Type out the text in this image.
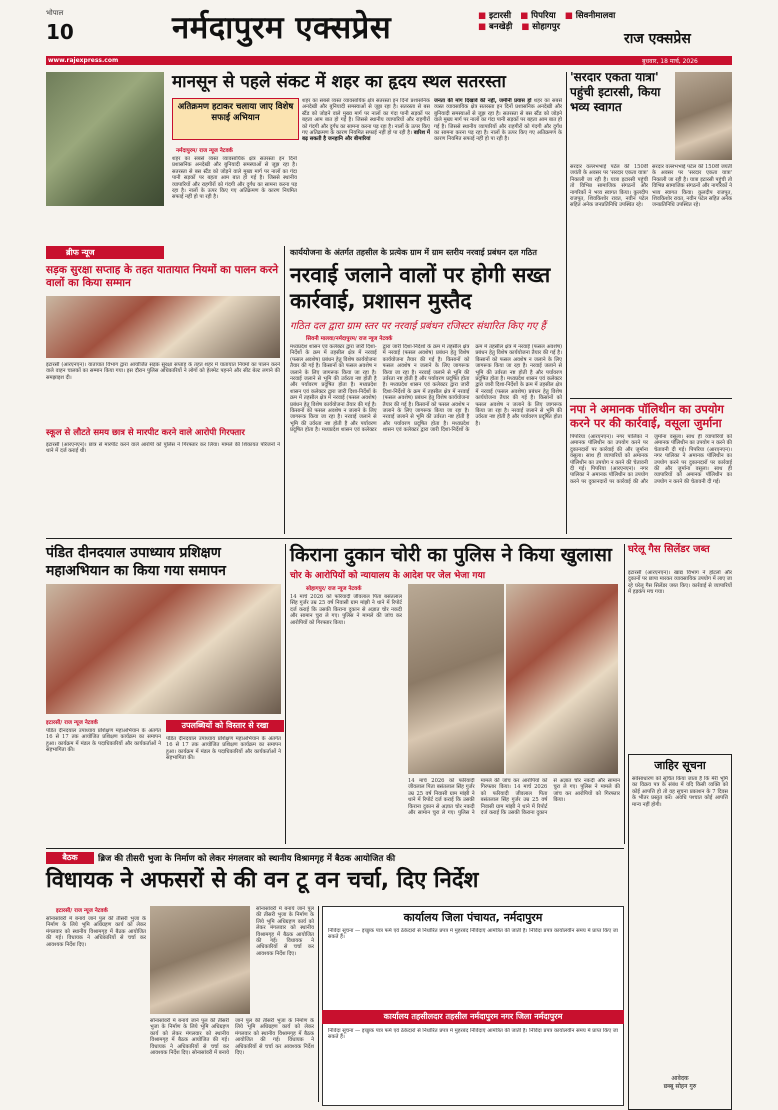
भोपाल
10	नर्मदापुरम एक्सप्रेस	■ इटारसी ■ पिपरिया ■ सिवनीमालवा
■ बनखेड़ी ■ सोहागपुर
राज एक्सप्रेस
www.rajexpress.com	बुधवार, 18 मार्च, 2026
मानसून से पहले संकट में शहर का हृदय स्थल सतरस्ता
अतिक्रमण हटाकर चलाया जाए विशेष सफाई अभियान
नर्मदापुरम/ राज न्यूज नेटवर्क
शहर का सबसे व्यस्त व्यावसायिक क्षेत्र सतरस्ता इन दिनों प्रशासनिक अनदेखी और बुनियादी समस्याओं से जूझ रहा है। सतरस्ता से बस स्टैंड को जोड़ने वाले मुख्य मार्ग पर नालों का गंदा पानी सड़कों पर बहता आम बात हो गई है। जिससे स्थानीय व्यापारियों और राहगीरों को गंदगी और दुर्गंध का सामना करना पड़ रहा है। नालों के ऊपर किए गए अतिक्रमण के कारण नियमित सफाई नहीं हो पा रही है।
शहर का सबसे व्यस्त व्यावसायिक क्षेत्र सतरस्ता इन दिनों प्रशासनिक अनदेखी और बुनियादी समस्याओं से जूझ रहा है। सतरस्ता से बस स्टैंड को जोड़ने वाले मुख्य मार्ग पर नालों का गंदा पानी सड़कों पर बहता आम बात हो गई है। जिससे स्थानीय व्यापारियों और राहगीरों को गंदगी और दुर्गंध का सामना करना पड़ रहा है। नालों के ऊपर किए गए अतिक्रमण के कारण नियमित सफाई नहीं हो पा रही है। बारिश में बढ़ सकती है जनहानि और बीमारियां
जनता की मांग दिखावे की नहीं, जमीनी प्रयास हो शहर का सबसे व्यस्त व्यावसायिक क्षेत्र सतरस्ता इन दिनों प्रशासनिक अनदेखी और बुनियादी समस्याओं से जूझ रहा है। सतरस्ता से बस स्टैंड को जोड़ने वाले मुख्य मार्ग पर नालों का गंदा पानी सड़कों पर बहता आम बात हो गई है। जिससे स्थानीय व्यापारियों और राहगीरों को गंदगी और दुर्गंध का सामना करना पड़ रहा है। नालों के ऊपर किए गए अतिक्रमण के कारण नियमित सफाई नहीं हो पा रही है।
'सरदार एकता यात्रा' पहुंची इटारसी, किया भव्य स्वागत
सरदार वल्लभभाई पटेल की 150वीं जयंती के अवसर पर 'सरदार एकता यात्रा' निकाली जा रही है। यात्रा इटारसी पहुंची तो विभिन्न सामाजिक संगठनों और नागरिकों ने भव्य स्वागत किया। कुलदीप राजपूत, शिवकिशोर रावत, नवीन पटेल सहित अनेक जनप्रतिनिधि उपस्थित रहे।
सरदार वल्लभभाई पटेल की 150वीं जयंती के अवसर पर 'सरदार एकता यात्रा' निकाली जा रही है। यात्रा इटारसी पहुंची तो विभिन्न सामाजिक संगठनों और नागरिकों ने भव्य स्वागत किया। कुलदीप राजपूत, शिवकिशोर रावत, नवीन पटेल सहित अनेक जनप्रतिनिधि उपस्थित रहे।
ब्रीफ न्यूज
सड़क सुरक्षा सप्ताह के तहत यातायात नियमों का पालन करने वालों का किया सम्मान
इटारसी (आरएनएन)। यातायात विभाग द्वारा आयोजित सड़क सुरक्षा सप्ताह के तहत शहर में यातायात नियमों का पालन करने वाले वाहन चालकों का सम्मान किया गया। इस दौरान पुलिस अधिकारियों ने लोगों को हेलमेट पहनने और सीट बेल्ट लगाने की समझाइश दी।
स्कूल से लौटते समय छात्र से मारपीट करने वाले आरोपी गिरफ्तार
इटारसी (आरएनएन)। छात्र से मारपीट करने वाले आरोपी को पुलिस ने गिरफ्तार कर लिया। मामले की शिकायत परिजनों ने थाने में दर्ज कराई थी।
कार्ययोजना के अंतर्गत तहसील के प्रत्येक ग्राम में ग्राम स्तरीय नरवाई प्रबंधन दल गठित
नरवाई जलाने वालों पर होगी सख्त कार्रवाई, प्रशासन मुस्तैद
गठित दल द्वारा ग्राम स्तर पर नरवाई प्रबंधन रजिस्टर संधारित किए गए हैं
सिवनी मालवा/नर्मदापुरम/ राज न्यूज नेटवर्क
मध्यप्रदेश शासन एवं कलेक्टर द्वारा जारी दिशा-निर्देशों के क्रम में तहसील क्षेत्र में नरवाई (फसल अवशेष) प्रबंधन हेतु विशेष कार्ययोजना तैयार की गई है। किसानों को फसल अवशेष न जलाने के लिए जागरूक किया जा रहा है। नरवाई जलाने से भूमि की उर्वरता नष्ट होती है और पर्यावरण प्रदूषित होता है। मध्यप्रदेश शासन एवं कलेक्टर द्वारा जारी दिशा-निर्देशों के क्रम में तहसील क्षेत्र में नरवाई (फसल अवशेष) प्रबंधन हेतु विशेष कार्ययोजना तैयार की गई है। किसानों को फसल अवशेष न जलाने के लिए जागरूक किया जा रहा है। नरवाई जलाने से भूमि की उर्वरता नष्ट होती है और पर्यावरण प्रदूषित होता है। मध्यप्रदेश शासन एवं कलेक्टर द्वारा जारी दिशा-निर्देशों के क्रम में तहसील क्षेत्र में नरवाई (फसल अवशेष) प्रबंधन हेतु विशेष कार्ययोजना तैयार की गई है। किसानों को फसल अवशेष न जलाने के लिए जागरूक किया जा रहा है। नरवाई जलाने से भूमि की उर्वरता नष्ट होती है और पर्यावरण प्रदूषित होता है। मध्यप्रदेश शासन एवं कलेक्टर द्वारा जारी दिशा-निर्देशों के क्रम में तहसील क्षेत्र में नरवाई (फसल अवशेष) प्रबंधन हेतु विशेष कार्ययोजना तैयार की गई है। किसानों को फसल अवशेष न जलाने के लिए जागरूक किया जा रहा है। नरवाई जलाने से भूमि की उर्वरता नष्ट होती है और पर्यावरण प्रदूषित होता है। मध्यप्रदेश शासन एवं कलेक्टर द्वारा जारी दिशा-निर्देशों के क्रम में तहसील क्षेत्र में नरवाई (फसल अवशेष) प्रबंधन हेतु विशेष कार्ययोजना तैयार की गई है। किसानों को फसल अवशेष न जलाने के लिए जागरूक किया जा रहा है। नरवाई जलाने से भूमि की उर्वरता नष्ट होती है और पर्यावरण प्रदूषित होता है। मध्यप्रदेश शासन एवं कलेक्टर द्वारा जारी दिशा-निर्देशों के क्रम में तहसील क्षेत्र में नरवाई (फसल अवशेष) प्रबंधन हेतु विशेष कार्ययोजना तैयार की गई है। किसानों को फसल अवशेष न जलाने के लिए जागरूक किया जा रहा है। नरवाई जलाने से भूमि की उर्वरता नष्ट होती है और पर्यावरण प्रदूषित होता है।
नपा ने अमानक पॉलिथीन का उपयोग करने पर की कार्रवाई, वसूला जुर्माना
पिपरिया (आरएनएन)। नगर पालिका ने अमानक पॉलिथीन का उपयोग करने पर दुकानदारों पर कार्रवाई की और जुर्माना वसूला। साथ ही व्यापारियों को अमानक पॉलिथीन का उपयोग न करने की चेतावनी दी गई। पिपरिया (आरएनएन)। नगर पालिका ने अमानक पॉलिथीन का उपयोग करने पर दुकानदारों पर कार्रवाई की और जुर्माना वसूला। साथ ही व्यापारियों को अमानक पॉलिथीन का उपयोग न करने की चेतावनी दी गई। पिपरिया (आरएनएन)। नगर पालिका ने अमानक पॉलिथीन का उपयोग करने पर दुकानदारों पर कार्रवाई की और जुर्माना वसूला। साथ ही व्यापारियों को अमानक पॉलिथीन का उपयोग न करने की चेतावनी दी गई।
पंडित दीनदयाल उपाध्याय प्रशिक्षण महाअभियान का किया गया समापन
इटारसी/ राज न्यूज नेटवर्क
पंडित दीनदयाल उपाध्याय प्रशिक्षण महाअभियान के अंतर्गत 16 से 17 तक आयोजित प्रशिक्षण कार्यक्रम का समापन हुआ। कार्यक्रम में मंडल के पदाधिकारियों और कार्यकर्ताओं ने सहभागिता की।
उपलब्धियों को विस्तार से रखा
पंडित दीनदयाल उपाध्याय प्रशिक्षण महाअभियान के अंतर्गत 16 से 17 तक आयोजित प्रशिक्षण कार्यक्रम का समापन हुआ। कार्यक्रम में मंडल के पदाधिकारियों और कार्यकर्ताओं ने सहभागिता की।
किराना दुकान चोरी का पुलिस ने किया खुलासा
चोर के आरोपियों को न्यायालय के आदेश पर जेल भेजा गया
सोहागपुर/ राज न्यूज नेटवर्क
14 मार्च 2026 को फरियादी जीवलाल पिता बसंतलाल सिंह गुर्जर उम्र 25 वर्ष निवासी ग्राम मांझी ने थाने में रिपोर्ट दर्ज कराई कि उसकी किराना दुकान से अज्ञात चोर नकदी और सामान चुरा ले गए। पुलिस ने मामले की जांच कर आरोपियों को गिरफ्तार किया।
14 मार्च 2026 को फरियादी जीवलाल पिता बसंतलाल सिंह गुर्जर उम्र 25 वर्ष निवासी ग्राम मांझी ने थाने में रिपोर्ट दर्ज कराई कि उसकी किराना दुकान से अज्ञात चोर नकदी और सामान चुरा ले गए। पुलिस ने मामले की जांच कर आरोपियों को गिरफ्तार किया। 14 मार्च 2026 को फरियादी जीवलाल पिता बसंतलाल सिंह गुर्जर उम्र 25 वर्ष निवासी ग्राम मांझी ने थाने में रिपोर्ट दर्ज कराई कि उसकी किराना दुकान से अज्ञात चोर नकदी और सामान चुरा ले गए। पुलिस ने मामले की जांच कर आरोपियों को गिरफ्तार किया।
घरेलू गैस सिलेंडर जब्त
इटारसी (आरएनएन)। खाद्य विभाग ने होटलों और दुकानों पर छापा मारकर व्यावसायिक उपयोग में लाए जा रहे घरेलू गैस सिलेंडर जब्त किए। कार्रवाई से व्यापारियों में हड़कंप मच गया।
जाहिर सूचना
सर्वसाधारण को सूचित किया जाता है कि मेरी भूमि का विक्रय पत्र के संबंध में यदि किसी व्यक्ति को कोई आपत्ति हो तो वह सूचना प्रकाशन के 7 दिवस के भीतर प्रस्तुत करें। अवधि पश्चात कोई आपत्ति मान्य नहीं होगी।
आवेदक
छब्बू सोहन गुरु
बैठक	ब्रिज की तीसरी भुजा के निर्माण को लेकर मंगलवार को स्थानीय विश्रामगृह में बैठक आयोजित की
विधायक ने अफसरों से की वन टू वन चर्चा, दिए निर्देश
इटारसी/ राज न्यूज नेटवर्क
सोनासांवरी में बनाये जाने पुल की तीसरी भुजा के निर्माण के लिये भूमि अधिग्रहण कार्य को लेकर मंगलवार को स्थानीय विश्रामगृह में बैठक आयोजित की गई। विधायक ने अधिकारियों से चर्चा कर आवश्यक निर्देश दिए।
सोनासांवरी में बनाये जाने पुल की तीसरी भुजा के निर्माण के लिये भूमि अधिग्रहण कार्य को लेकर मंगलवार को स्थानीय विश्रामगृह में बैठक आयोजित की गई। विधायक ने अधिकारियों से चर्चा कर आवश्यक निर्देश दिए। सोनासांवरी में बनाये जाने पुल की तीसरी भुजा के निर्माण के लिये भूमि अधिग्रहण कार्य को लेकर मंगलवार को स्थानीय विश्रामगृह में बैठक आयोजित की गई। विधायक ने अधिकारियों से चर्चा कर आवश्यक निर्देश दिए।
सोनासांवरी में बनाये जाने पुल की तीसरी भुजा के निर्माण के लिये भूमि अधिग्रहण कार्य को लेकर मंगलवार को स्थानीय विश्रामगृह में बैठक आयोजित की गई। विधायक ने अधिकारियों से चर्चा कर आवश्यक निर्देश दिए।
कार्यालय जिला पंचायत, नर्मदापुरम
निविदा सूचना — इच्छुक पात्र फर्म एवं ठेकेदारों से निर्धारित प्रपत्र में मुहरबंद निविदाएं आमंत्रित की जाती हैं। निविदा प्रपत्र कार्यालयीन समय में प्राप्त किए जा सकते हैं।
कार्यालय तहसीलदार तहसील नर्मदापुरम नगर जिला नर्मदापुरम
निविदा सूचना — इच्छुक पात्र फर्म एवं ठेकेदारों से निर्धारित प्रपत्र में मुहरबंद निविदाएं आमंत्रित की जाती हैं। निविदा प्रपत्र कार्यालयीन समय में प्राप्त किए जा सकते हैं।
